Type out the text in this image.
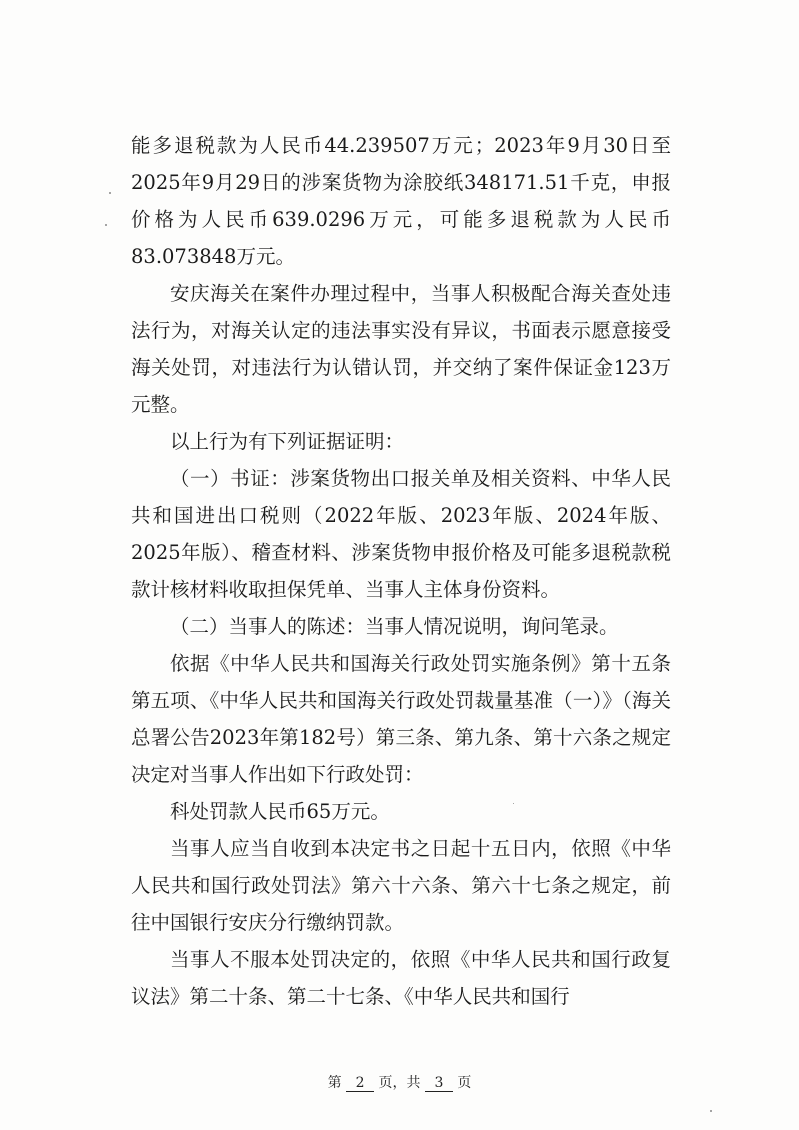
能多退税款为人民币44.239507万元；2023年9月30日至2025年9月29日的涉案货物为涂胶纸348171.51千克，申报价格为人民币639.0296万元，可能多退税款为人民币83.073848万元。

安庆海关在案件办理过程中，当事人积极配合海关查处违法行为，对海关认定的违法事实没有异议，书面表示愿意接受海关处罚，对违法行为认错认罚，并交纳了案件保证金123万元整。

以上行为有下列证据证明：

（一）书证：涉案货物出口报关单及相关资料、中华人民共和国进出口税则（2022年版、2023年版、2024年版、2025年版）、稽查材料、涉案货物申报价格及可能多退税款税款计核材料收取担保凭单、当事人主体身份资料。

（二）当事人的陈述：当事人情况说明，询问笔录。

依据《中华人民共和国海关行政处罚实施条例》第十五条第五项、《中华人民共和国海关行政处罚裁量基准（一）》（海关总署公告2023年第182号）第三条、第九条、第十六条之规定决定对当事人作出如下行政处罚：

科处罚款人民币65万元。

当事人应当自收到本决定书之日起十五日内，依照《中华人民共和国行政处罚法》第六十六条、第六十七条之规定，前往中国银行安庆分行缴纳罚款。

当事人不服本处罚决定的，依照《中华人民共和国行政复议法》第二十条、第二十七条、《中华人民共和国行

第 2 页，共 3 页
